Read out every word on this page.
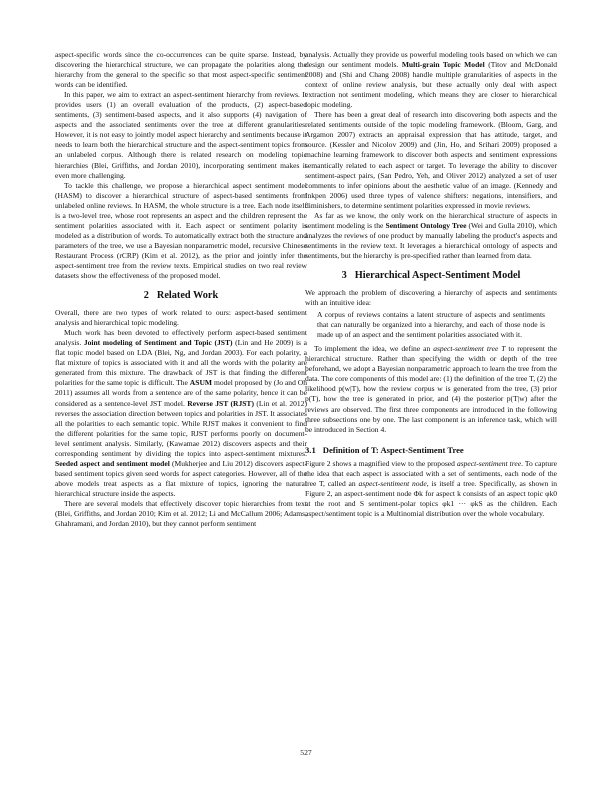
aspect-specific words since the co-occurrences can be quite sparse. Instead, by discovering the hierarchical structure, we can propagate the polarities along the hierarchy from the general to the specific so that most aspect-specific sentiment words can be identified.

In this paper, we aim to extract an aspect-sentiment hierarchy from reviews. It provides users (1) an overall evaluation of the products, (2) aspect-based sentiments, (3) sentiment-based aspects, and it also supports (4) navigation of aspects and the associated sentiments over the tree at different granularities. However, it is not easy to jointly model aspect hierarchy and sentiments because it needs to learn both the hierarchical structure and the aspect-sentiment topics from an unlabeled corpus. Although there is related research on modeling topic hierarchies (Blei, Griffiths, and Jordan 2010), incorporating sentiment makes it even more challenging.

To tackle this challenge, we propose a hierarchical aspect sentiment model (HASM) to discover a hierarchical structure of aspect-based sentiments from unlabeled online reviews. In HASM, the whole structure is a tree. Each node itself is a two-level tree, whose root represents an aspect and the children represent the sentiment polarities associated with it. Each aspect or sentiment polarity is modeled as a distribution of words. To automatically extract both the structure and parameters of the tree, we use a Bayesian nonparametric model, recursive Chinese Restaurant Process (rCRP) (Kim et al. 2012), as the prior and jointly infer the aspect-sentiment tree from the review texts. Empirical studies on two real review datasets show the effectiveness of the proposed model.

2 Related Work

Overall, there are two types of work related to ours: aspect-based sentiment analysis and hierarchical topic modeling.

Much work has been devoted to effectively perform aspect-based sentiment analysis. Joint modeling of Sentiment and Topic (JST) (Lin and He 2009) is a flat topic model based on LDA (Blei, Ng, and Jordan 2003). For each polarity, a flat mixture of topics is associated with it and all the words with the polarity are generated from this mixture. The drawback of JST is that finding the different polarities for the same topic is difficult. The ASUM model proposed by (Jo and Oh 2011) assumes all words from a sentence are of the same polarity, hence it can be considered as a sentence-level JST model. Reverse JST (RJST) (Lin et al. 2012) reverses the association direction between topics and polarities in JST. It associates all the polarities to each semantic topic. While RJST makes it convenient to find the different polarities for the same topic, RJST performs poorly on document-level sentiment analysis. Similarly, (Kawamae 2012) discovers aspects and their corresponding sentiment by dividing the topics into aspect-sentiment mixtures. Seeded aspect and sentiment model (Mukherjee and Liu 2012) discovers aspect-based sentiment topics given seed words for aspect categories. However, all of the above models treat aspects as a flat mixture of topics, ignoring the natural hierarchical structure inside the aspects.

There are several models that effectively discover topic hierarchies from text (Blei, Griffiths, and Jordan 2010; Kim et al. 2012; Li and McCallum 2006; Adams, Ghahramani, and Jordan 2010), but they cannot perform sentiment

analysis. Actually they provide us powerful modeling tools based on which we can design our sentiment models. Multi-grain Topic Model (Titov and McDonald 2008) and (Shi and Chang 2008) handle multiple granularities of aspects in the context of online review analysis, but these actually only deal with aspect extraction not sentiment modeling, which means they are closer to hierarchical topic modeling.

There has been a great deal of research into discovering both aspects and the related sentiments outside of the topic modeling framework. (Bloom, Garg, and Argamon 2007) extracts an appraisal expression that has attitude, target, and source. (Kessler and Nicolov 2009) and (Jin, Ho, and Srihari 2009) proposed a machine learning framework to discover both aspects and sentiment expressions semantically related to each aspect or target. To leverage the ability to discover sentiment-aspect pairs, (San Pedro, Yeh, and Oliver 2012) analyzed a set of user comments to infer opinions about the aesthetic value of an image. (Kennedy and Inkpen 2006) used three types of valence shifters: negations, intensifiers, and diminishers, to determine sentiment polarities expressed in movie reviews.

As far as we know, the only work on the hierarchical structure of aspects in sentiment modeling is the Sentiment Ontology Tree (Wei and Gulla 2010), which analyzes the reviews of one product by manually labeling the product's aspects and sentiments in the review text. It leverages a hierarchical ontology of aspects and sentiments, but the hierarchy is pre-specified rather than learned from data.

3 Hierarchical Aspect-Sentiment Model

We approach the problem of discovering a hierarchy of aspects and sentiments with an intuitive idea:

A corpus of reviews contains a latent structure of aspects and sentiments that can naturally be organized into a hierarchy, and each of those node is made up of an aspect and the sentiment polarities associated with it.

To implement the idea, we define an aspect-sentiment tree T to represent the hierarchical structure. Rather than specifying the width or depth of the tree beforehand, we adopt a Bayesian nonparametric approach to learn the tree from the data. The core components of this model are: (1) the definition of the tree T, (2) the likelihood p(w|T), how the review corpus w is generated from the tree, (3) prior p(T), how the tree is generated in prior, and (4) the posterior p(T|w) after the reviews are observed. The first three components are introduced in the following three subsections one by one. The last component is an inference task, which will be introduced in Section 4.

3.1 Definition of T: Aspect-Sentiment Tree

Figure 2 shows a magnified view to the proposed aspect-sentiment tree. To capture the idea that each aspect is associated with a set of sentiments, each node of the tree T, called an aspect-sentiment node, is itself a tree. Specifically, as shown in Figure 2, an aspect-sentiment node Φk for aspect k consists of an aspect topic φk0 at the root and S sentiment-polar topics φk1 ··· φkS as the children. Each aspect/sentiment topic is a Multinomial distribution over the whole vocabulary.

527
